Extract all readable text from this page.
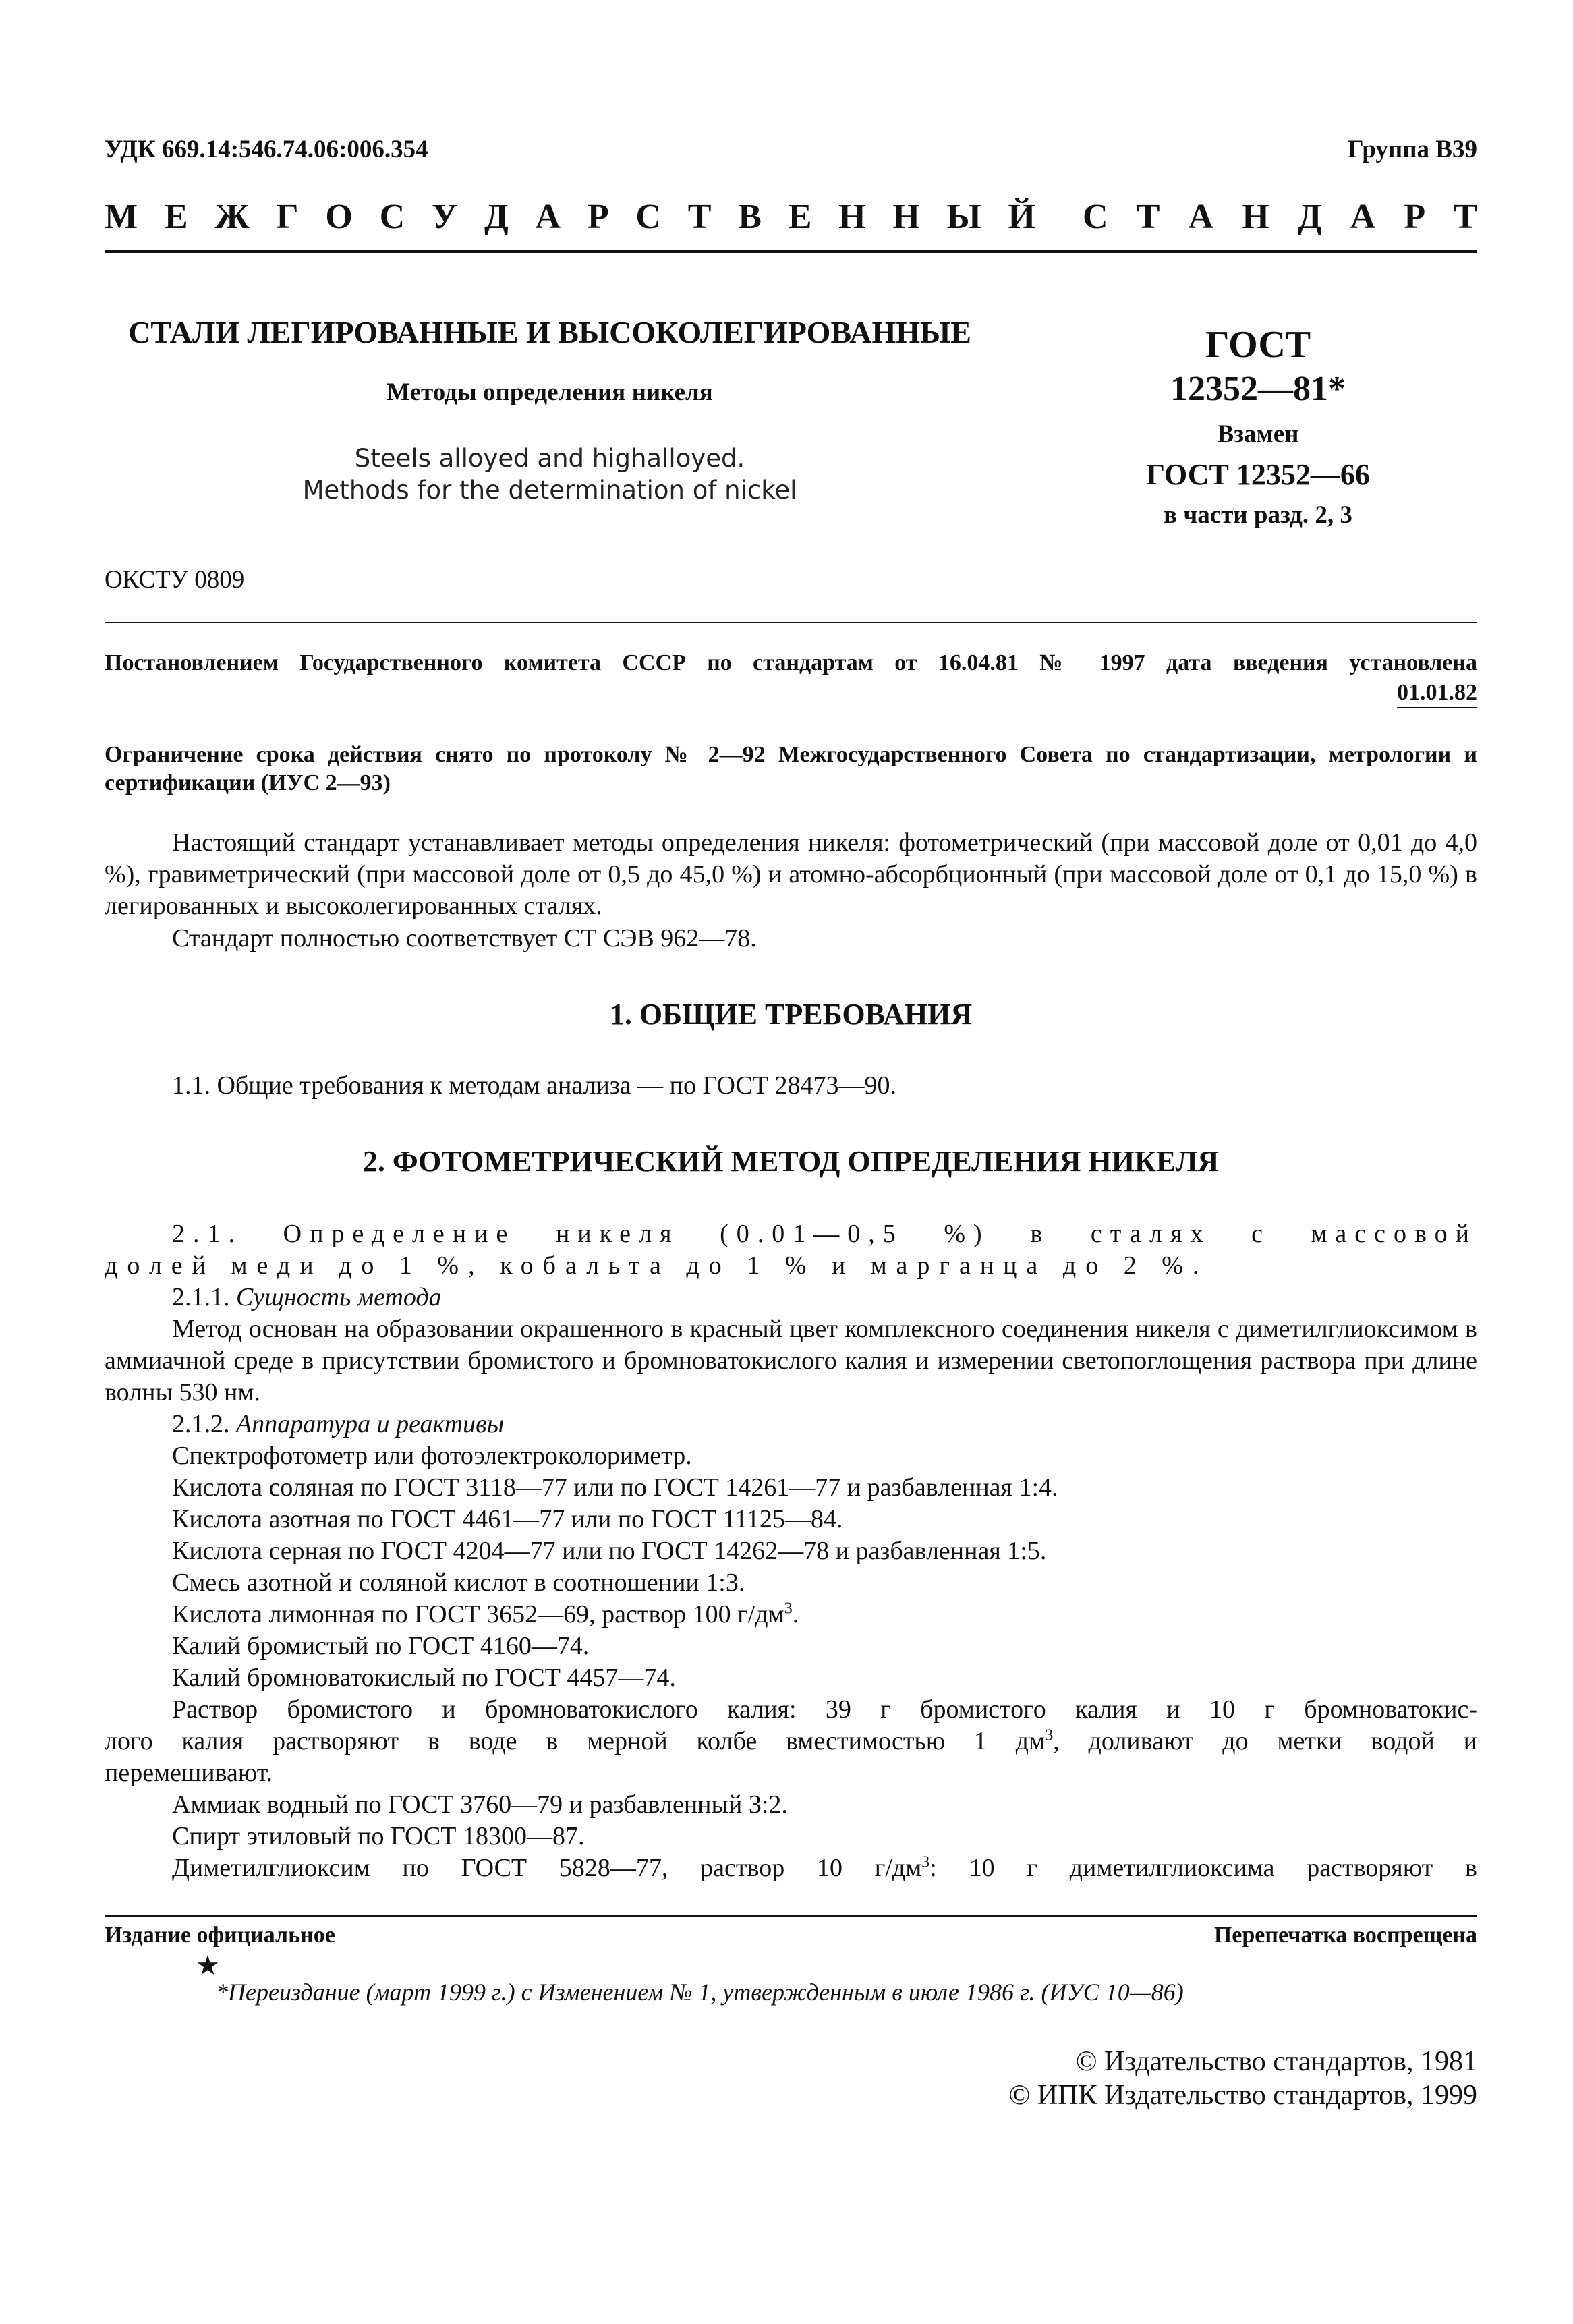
УДК 669.14:546.74.06:006.354	Группа В39
М Е Ж Г О С У Д А Р С Т В Е Н Н Ы Й С Т А Н Д А Р Т
СТАЛИ ЛЕГИРОВАННЫЕ И ВЫСОКОЛЕГИРОВАННЫЕ
Методы определения никеля
Steels alloyed and highalloyed.
Methods for the determination of nickel
ГОСТ
12352—81*
Взамен
ГОСТ 12352—66
в части разд. 2, 3
ОКСТУ 0809
Постановлением Государственного комитета СССР по стандартам от 16.04.81 № 1997 дата введения установлена
01.01.82
Ограничение срока действия снято по протоколу № 2—92 Межгосударственного Совета по стандартизации, метрологии и сертификации (ИУС 2—93)
Настоящий стандарт устанавливает методы определения никеля: фотометрический (при массовой доле от 0,01 до 4,0 %), гравиметрический (при массовой доле от 0,5 до 45,0 %) и атомно-абсорбционный (при массовой доле от 0,1 до 15,0 %) в легированных и высоколегированных сталях.
Стандарт полностью соответствует СТ СЭВ 962—78.
1. ОБЩИЕ ТРЕБОВАНИЯ
1.1. Общие требования к методам анализа — по ГОСТ 28473—90.
2. ФОТОМЕТРИЧЕСКИЙ МЕТОД ОПРЕДЕЛЕНИЯ НИКЕЛЯ
2.1. Определение никеля (0.01—0,5 %) в сталях с массовой
долей меди до 1 %, кобальта до 1 % и марганца до 2 %.
2.1.1. Сущность метода
Метод основан на образовании окрашенного в красный цвет комплексного соединения никеля с диметилглиоксимом в аммиачной среде в присутствии бромистого и бромноватокислого калия и измерении светопоглощения раствора при длине волны 530 нм.
2.1.2. Аппаратура и реактивы
Спектрофотометр или фотоэлектроколориметр.
Кислота соляная по ГОСТ 3118—77 или по ГОСТ 14261—77 и разбавленная 1:4.
Кислота азотная по ГОСТ 4461—77 или по ГОСТ 11125—84.
Кислота серная по ГОСТ 4204—77 или по ГОСТ 14262—78 и разбавленная 1:5.
Смесь азотной и соляной кислот в соотношении 1:3.
Кислота лимонная по ГОСТ 3652—69, раствор 100 $г/дм^3$.
Калий бромистый по ГОСТ 4160—74.
Калий бромноватокислый по ГОСТ 4457—74.
Раствор бромистого и бромноватокислого калия: 39 г бромистого калия и 10 г бромноватокис-
лого калия растворяют в воде в мерной колбе вместимостью 1 $дм^3$, доливают до метки водой и
перемешивают.
Аммиак водный по ГОСТ 3760—79 и разбавленный 3:2.
Спирт этиловый по ГОСТ 18300—87.
Диметилглиоксим по ГОСТ 5828—77, раствор 10 $г/дм^3$: 10 г диметилглиоксима растворяют в
Издание официальное	Перепечатка воспрещена
★
*Переиздание (март 1999 г.) с Изменением № 1, утвержденным в июле 1986 г. (ИУС 10—86)
© Издательство стандартов, 1981
© ИПК Издательство стандартов, 1999
